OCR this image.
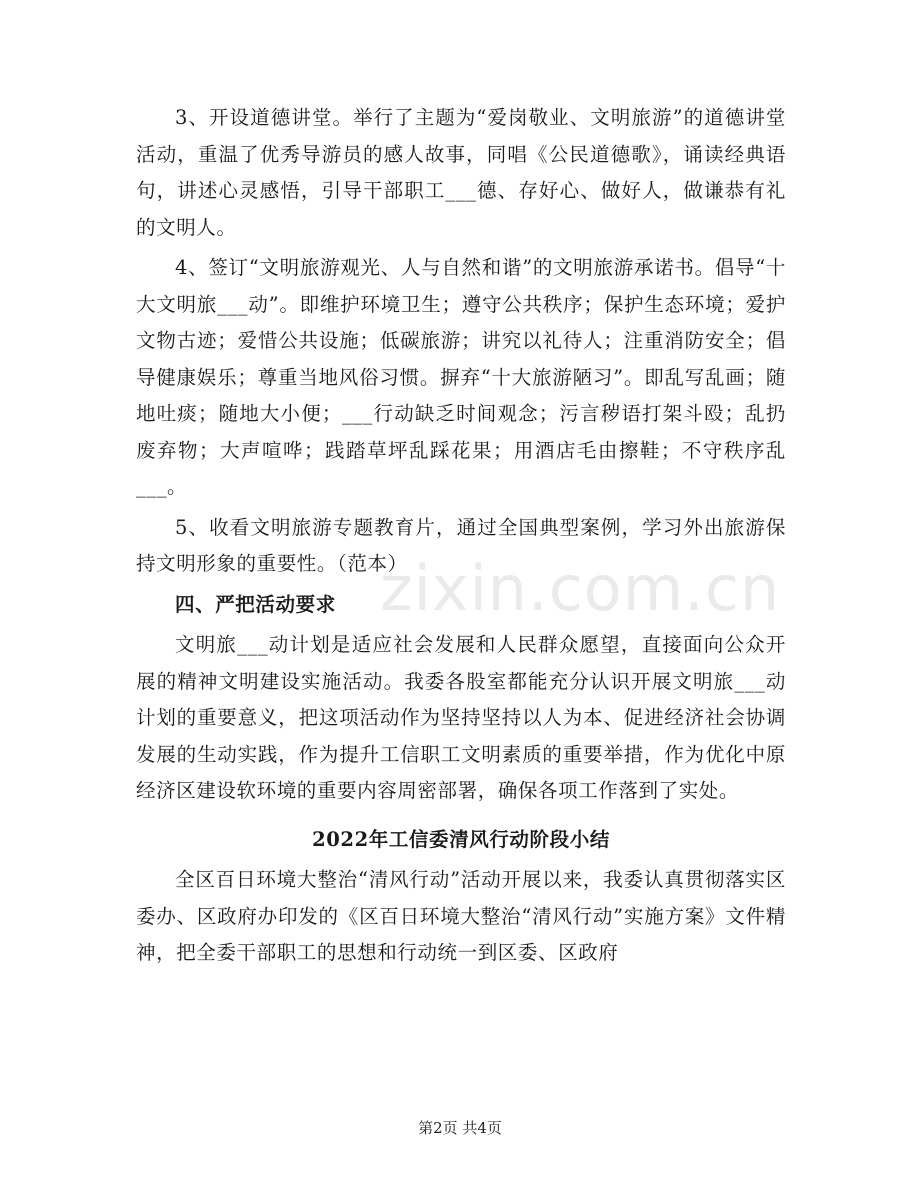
3、开设道德讲堂。举行了主题为“爱岗敬业、文明旅游”的道德讲堂活动，重温了优秀导游员的感人故事，同唱《公民道德歌》，诵读经典语句，讲述心灵感悟，引导干部职工___德、存好心、做好人，做谦恭有礼的文明人。

4、签订“文明旅游观光、人与自然和谐”的文明旅游承诺书。倡导“十大文明旅___动”。即维护环境卫生；遵守公共秩序；保护生态环境；爱护文物古迹；爱惜公共设施；低碳旅游；讲究以礼待人；注重消防安全；倡导健康娱乐；尊重当地风俗习惯。摒弃“十大旅游陋习”。即乱写乱画；随地吐痰；随地大小便；___行动缺乏时间观念；污言秽语打架斗殴；乱扔废弃物；大声喧哗；践踏草坪乱踩花果；用酒店毛由擦鞋；不守秩序乱___。

5、收看文明旅游专题教育片，通过全国典型案例，学习外出旅游保持文明形象的重要性。（范本）

四、严把活动要求

文明旅___动计划是适应社会发展和人民群众愿望，直接面向公众开展的精神文明建设实施活动。我委各股室都能充分认识开展文明旅___动计划的重要意义，把这项活动作为坚持坚持以人为本、促进经济社会协调发展的生动实践，作为提升工信职工文明素质的重要举措，作为优化中原经济区建设软环境的重要内容周密部署，确保各项工作落到了实处。

2022年工信委清风行动阶段小结

全区百日环境大整治“清风行动”活动开展以来，我委认真贯彻落实区委办、区政府办印发的《区百日环境大整治“清风行动”实施方案》文件精神，把全委干部职工的思想和行动统一到区委、区政府

zixin.com.cn
第2页 共4页
